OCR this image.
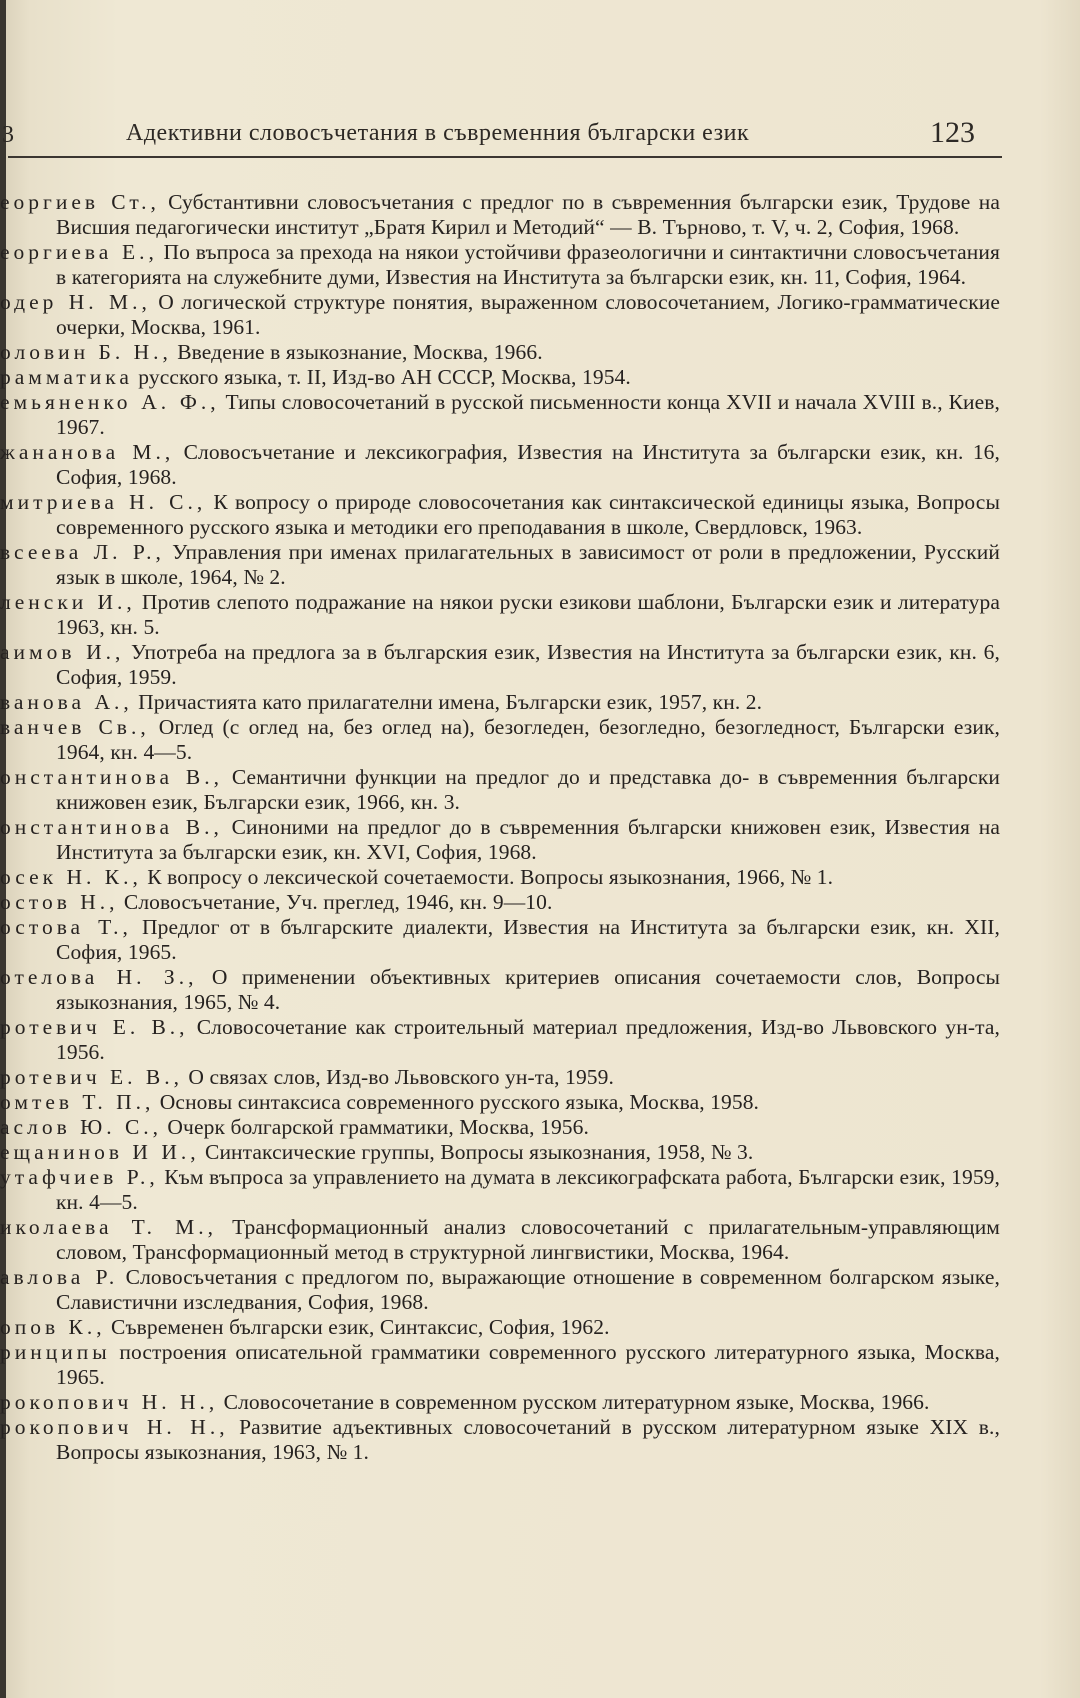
3	Адективни словосъчетания в съвременния български език	123
еоргиев Ст., Субстантивни словосъчетания с предлог по в съвременния български език, Трудове на Висшия педагогически институт „Братя Кирил и Методий“ — В. Търново, т. V, ч. 2, София, 1968.
еоргиева Е., По въпроса за прехода на някои устойчиви фразеологични и синтактични словосъчетания в категорията на служебните думи, Известия на Института за български език, кн. 11, София, 1964.
одер Н. М., О логической структуре понятия, выраженном словосочетанием, Логико-грамматические очерки, Москва, 1961.
оловин Б. Н., Введение в языкознание, Москва, 1966.
рамматика русского языка, т. II, Изд-во АН СССР, Москва, 1954.
емьяненко А. Ф., Типы словосочетаний в русской письменности конца XVII и начала XVIII в., Киев, 1967.
жананова М., Словосъчетание и лексикография, Известия на Института за български език, кн. 16, София, 1968.
митриева Н. С., К вопросу о природе словосочетания как синтаксической единицы языка, Вопросы современного русского языка и методики его преподавания в школе, Свердловск, 1963.
всеева Л. Р., Управления при именах прилагательных в зависимост от роли в предложении, Русский язык в школе, 1964, № 2.
ленски И., Против слепото подражание на някои руски езикови шаблони, Български език и литература 1963, кн. 5.
аимов И., Употреба на предлога за в българския език, Известия на Института за български език, кн. 6, София, 1959.
ванова А., Причастията като прилагателни имена, Български език, 1957, кн. 2.
ванчев Св., Оглед (с оглед на, без оглед на), безогледен, безогледно, безогледност, Български език, 1964, кн. 4—5.
онстантинова В., Семантични функции на предлог до и представка до- в съвременния български книжовен език, Български език, 1966, кн. 3.
онстантинова В., Синоними на предлог до в съвременния български книжовен език, Известия на Института за български език, кн. XVI, София, 1968.
осек Н. К., К вопросу о лексической сочетаемости. Вопросы языкознания, 1966, № 1.
остов Н., Словосъчетание, Уч. преглед, 1946, кн. 9—10.
остова Т., Предлог от в българските диалекти, Известия на Института за български език, кн. XII, София, 1965.
отелова Н. З., О применении объективных критериев описания сочетаемости слов, Вопросы языкознания, 1965, № 4.
ротевич Е. В., Словосочетание как строительный материал предложения, Изд-во Львовского ун-та, 1956.
ротевич Е. В., О связах слов, Изд-во Львовского ун-та, 1959.
омтев Т. П., Основы синтаксиса современного русского языка, Москва, 1958.
аслов Ю. С., Очерк болгарской грамматики, Москва, 1956.
ещанинов И И., Синтаксические группы, Вопросы языкознания, 1958, № 3.
утафчиев Р., Към въпроса за управлението на думата в лексикографската работа, Български език, 1959, кн. 4—5.
иколаева Т. М., Трансформационный анализ словосочетаний с прилагательным-управляющим словом, Трансформационный метод в структурной лингвистики, Москва, 1964.
авлова Р. Словосъчетания с предлогом по, выражающие отношение в современном болгарском языке, Славистични изследвания, София, 1968.
опов К., Съвременен български език, Синтаксис, София, 1962.
ринципы построения описательной грамматики современного русского литературного языка, Москва, 1965.
рокопович Н. Н., Словосочетание в современном русском литературном языке, Москва, 1966.
рокопович Н. Н., Развитие адъективных словосочетаний в русском литературном языке XIX в., Вопросы языкознания, 1963, № 1.
